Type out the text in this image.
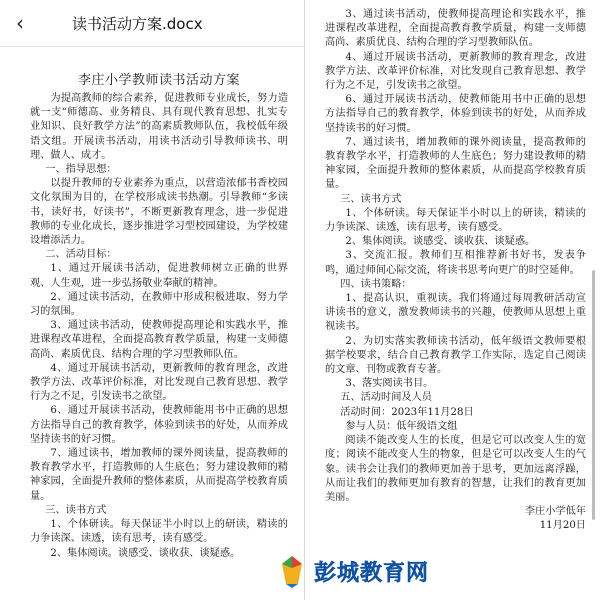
‹	读书活动方案.docx
李庄小学教师读书活动方案

为提高教师的综合素养，促进教师专业成长，努力造就一支“师德高、业务精良、具有现代教育思想、扎实专业知识、良好教学方法”的高素质教师队伍，我校低年级语文组。开展读书活动，用读书活动引导教师读书、明理、做人、成才。

一、指导思想：

以提升教师的专业素养为重点，以营造浓郁书香校园文化氛围为目的，在学校形成读书热潮。引导教师“多读书，读好书，好读书”，不断更新教育理念，进一步促进教师的专业化成长，逐步推进学习型校园建设，为学校建设增添活力。

二、活动目标：

1、通过开展读书活动，促进教师树立正确的世界观、人生观，进一步弘扬敬业奉献的精神。

2、通过读书活动，在教师中形成积极进取、努力学习的氛围。

3、通过读书活动，使教师提高理论和实践水平，推进课程改革进程，全面提高教育教学质量，构建一支师德高尚、素质优良、结构合理的学习型教师队伍。

4、通过开展读书活动，更新教师的教育理念，改进教学方法、改革评价标准，对比发现自己教育思想、教学行为之不足，引发读书之欲望。

6、通过开展读书活动，使教师能用书中正确的思想方法指导自己的教育教学，体验到读书的好处，从而养成坚持读书的好习惯。

7、通过读书，增加教师的课外阅读量，提高教师的教育教学水平，打造教师的人生底色；努力建设教师的精神家园，全面提升教师的整体素质，从而提高学校教育质量。

三、读书方式

1、个体研读。每天保证半小时以上的研读，精读的力争读深、读透，读有思考，读有感受。

2、集体阅读。谈感受、谈收获、谈疑惑。

3、通过读书活动，使教师提高理论和实践水平，推进课程改革进程，全面提高教育教学质量，构建一支师德高尚、素质优良、结构合理的学习型教师队伍。

4、通过开展读书活动，更新教师的教育理念，改进教学方法、改革评价标准，对比发现自己教育思想、教学行为之不足，引发读书之欲望。

6、通过开展读书活动，使教师能用书中正确的思想方法指导自己的教育教学，体验到读书的好处，从而养成坚持读书的好习惯。

7、通过读书，增加教师的课外阅读量，提高教师的教育教学水平，打造教师的人生底色；努力建设教师的精神家园，全面提升教师的整体素质，从而提高学校教育质量。

三、读书方式

1、个体研读。每天保证半小时以上的研读，精读的力争读深、读透，读有思考，读有感受。

2、集体阅读。谈感受、谈收获、谈疑惑。

3、交流汇报。教师们互相推荐新书好书，发表争鸣，通过师间心际交流，将读书思考向更广的时空延伸。

四、读书策略：

1、提高认识，重视读。我们将通过每周教研活动宣讲读书的意义，激发教师读书的兴趣，使教师从思想上重视读书。

2、为切实落实教师读书活动，低年级语文教师要根据学校要求，结合自己教育教学工作实际，选定自己阅读的文章、刊物或教育专著。

3、落实阅读书目。

五、活动时间及人员

活动时间：2023年11月28日

参与人员：低年级语文组

阅读不能改变人生的长度，但是它可以改变人生的宽度；阅读不能改变人生的物象，但是它可以改变人生的气象。读书会让我们的教师更加善于思考，更加远离浮躁，从而让我们的教师更加有教育的智慧，让我们的教育更加美丽。

李庄小学低年

11月20日

彭城教育网
